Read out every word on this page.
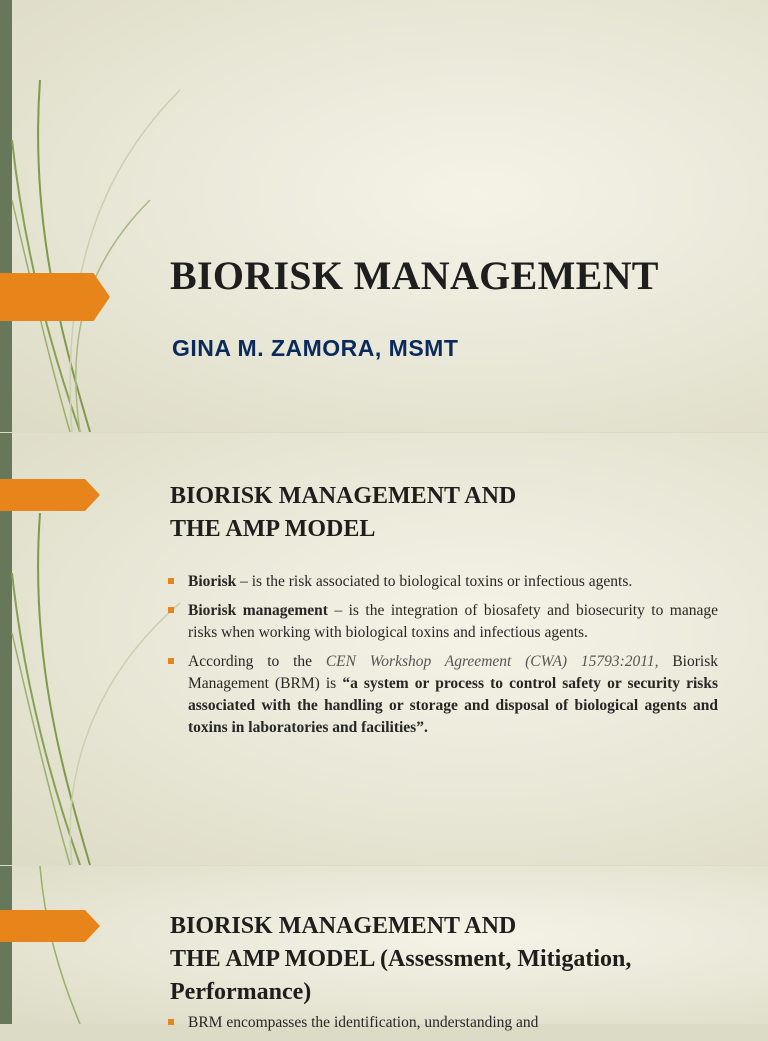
BIORISK MANAGEMENT
GINA M. ZAMORA, MSMT
BIORISK MANAGEMENT AND
THE AMP MODEL
Biorisk – is the risk associated to biological toxins or infectious agents.
Biorisk management – is the integration of biosafety and biosecurity to manage risks when working with biological toxins and infectious agents.
According to the CEN Workshop Agreement (CWA) 15793:2011, Biorisk Management (BRM) is “a system or process to control safety or security risks associated with the handling or storage and disposal of biological agents and toxins in laboratories and facilities”.
BIORISK MANAGEMENT AND
THE AMP MODEL (Assessment, Mitigation,
Performance)
BRM encompasses the identification, understanding and
